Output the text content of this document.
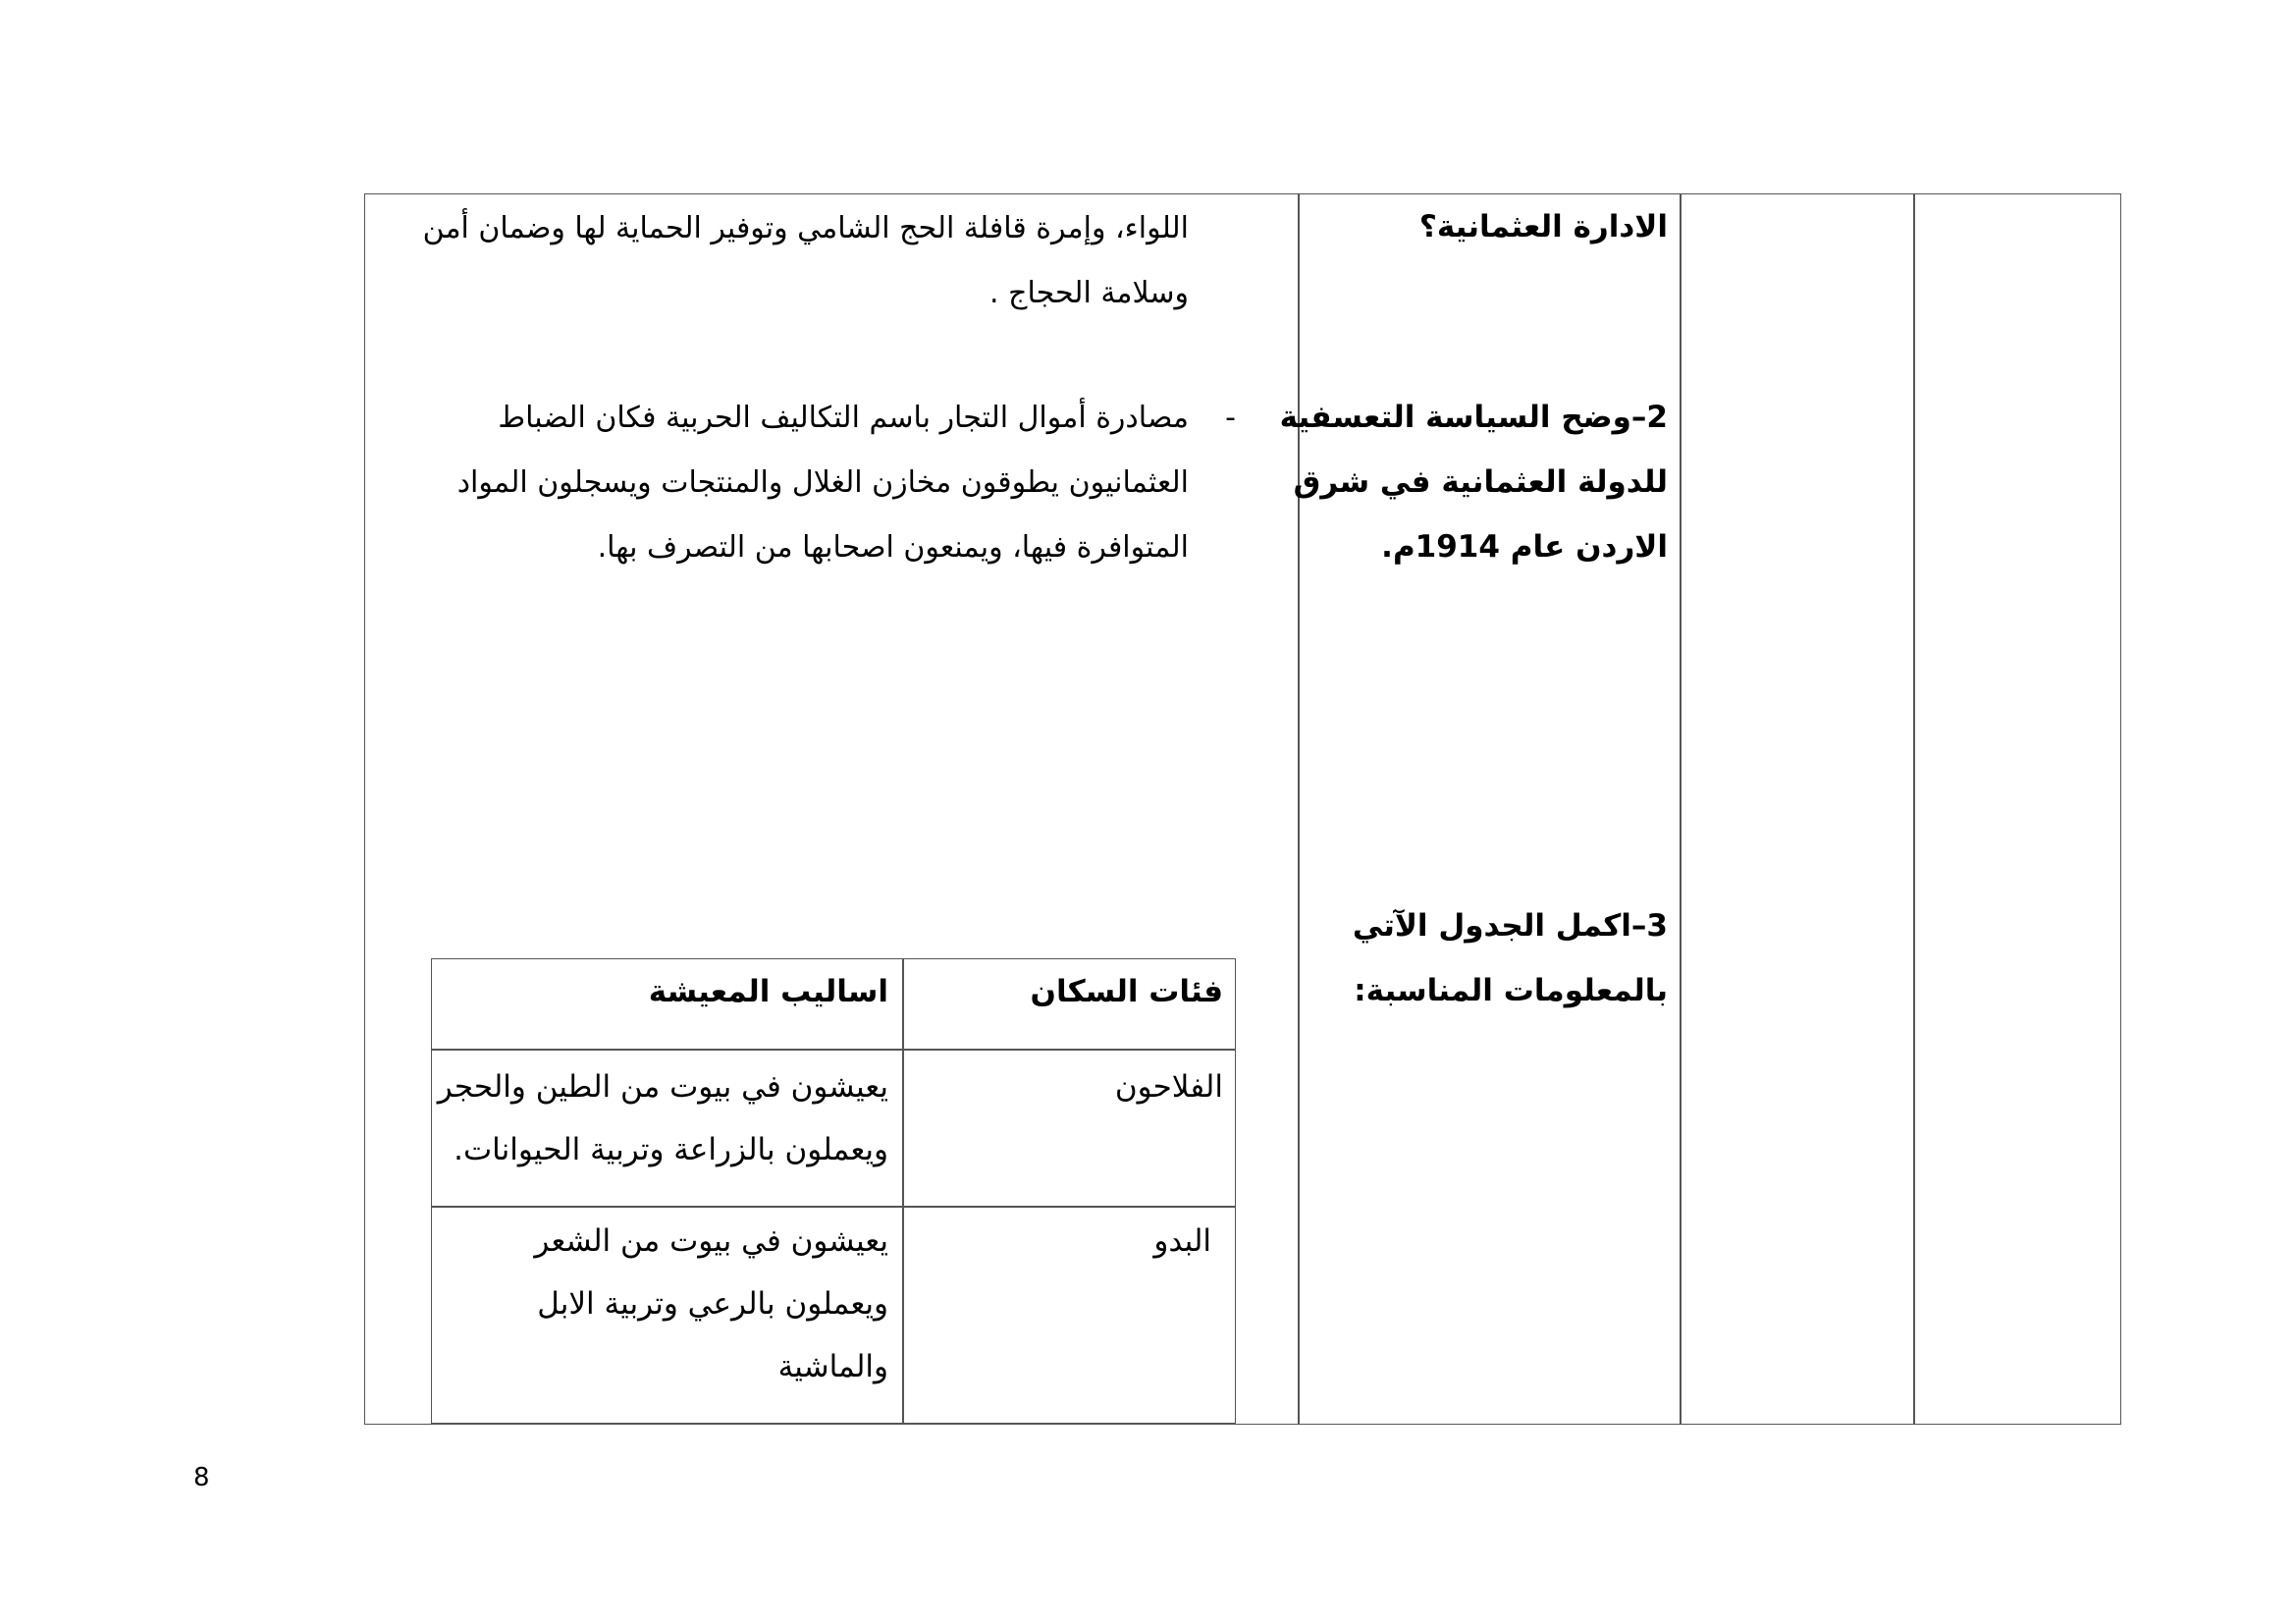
اللواء، وإمرة قافلة الحج الشامي وتوفير الحماية لها وضمان أمن
وسلامة الحجاج .
-
مصادرة أموال التجار باسم التكاليف الحربية فكان الضباط
العثمانيون يطوقون مخازن الغلال والمنتجات ويسجلون المواد
المتوافرة فيها، ويمنعون اصحابها من التصرف بها.
الادارة العثمانية؟
2–وضح السياسة التعسفية
للدولة العثمانية في شرق
الاردن عام 1914م.
3–اكمل الجدول الآتي
بالمعلومات المناسبة:
فئات السكان
اساليب المعيشة
الفلاحون
يعيشون في بيوت من الطين والحجر
ويعملون بالزراعة وتربية الحيوانات.
البدو
يعيشون في بيوت من الشعر
ويعملون بالرعي وتربية الابل
والماشية
8
